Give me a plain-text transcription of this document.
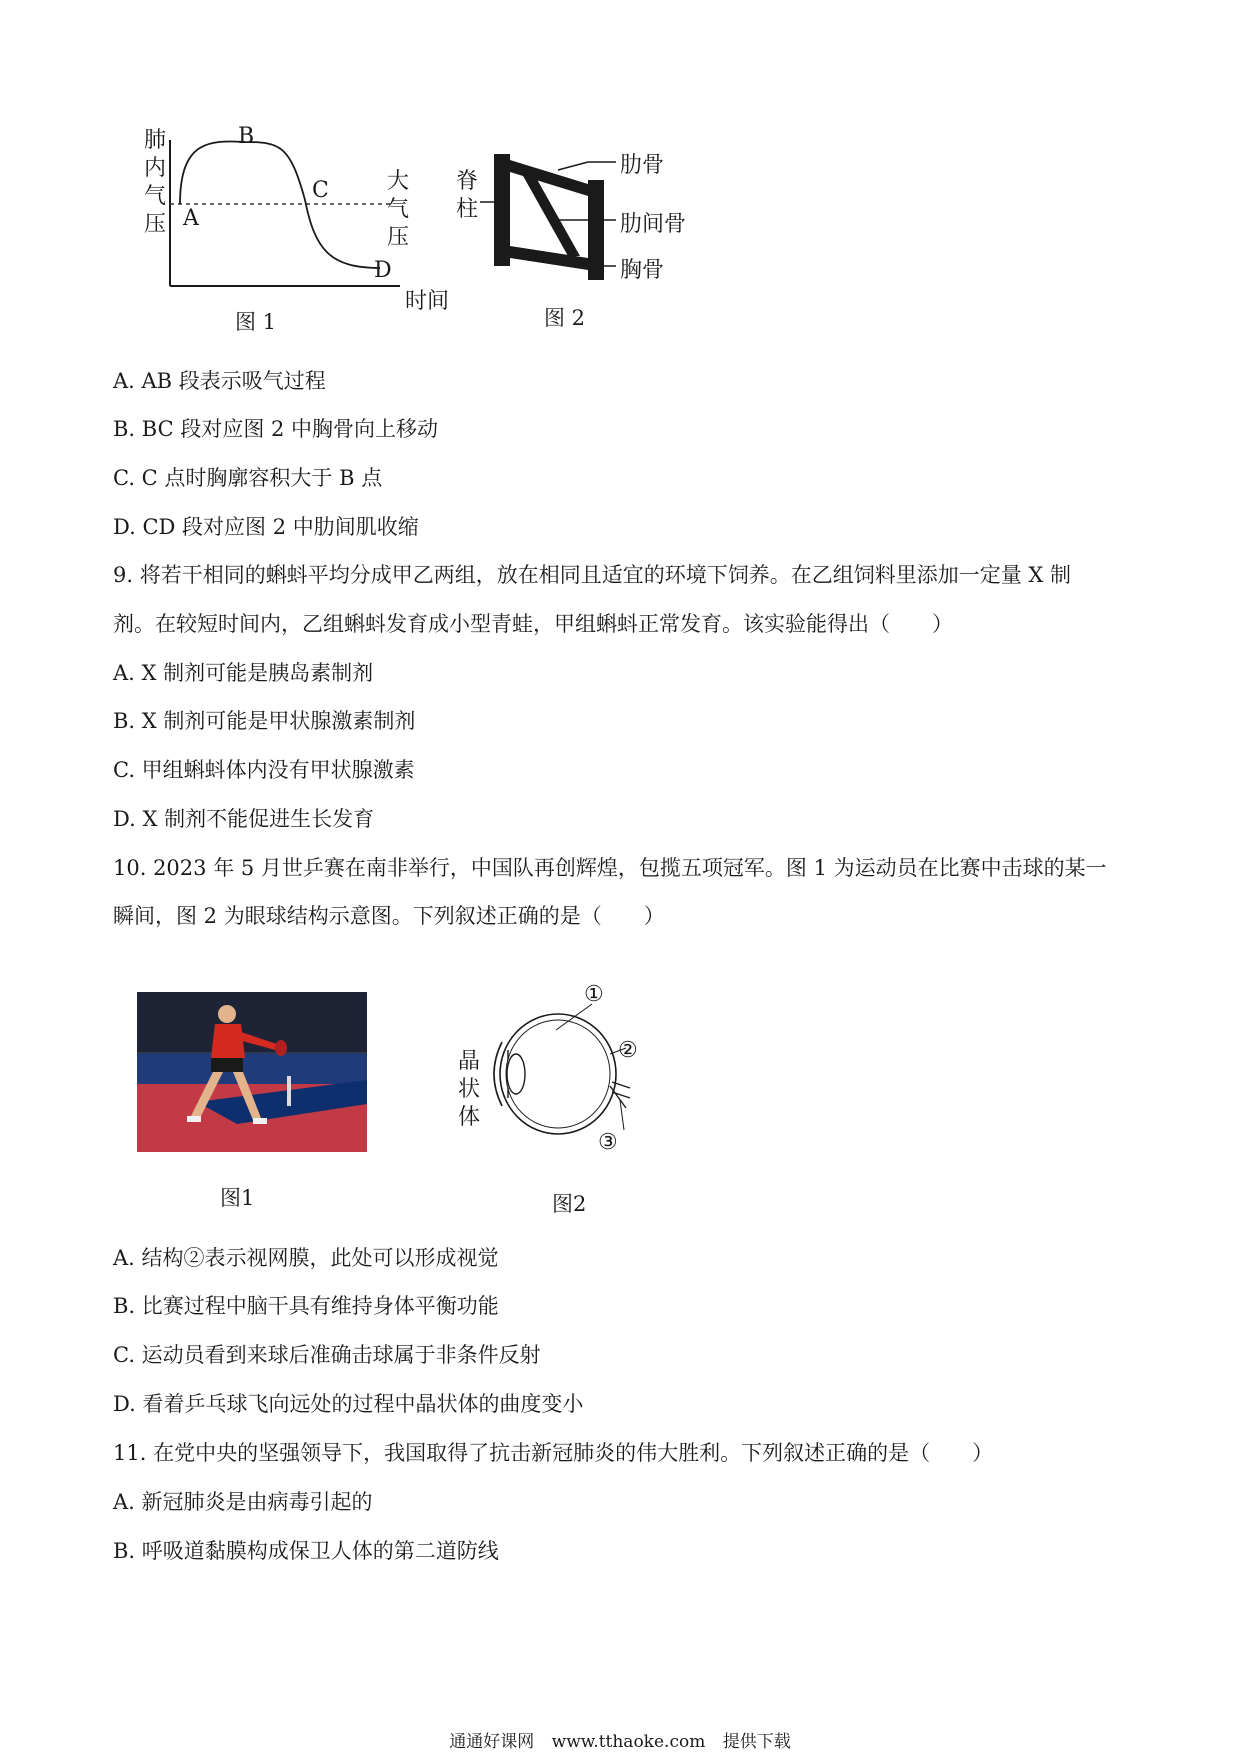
肺内气压 A
B
C
D
大气压
时间
图 1
脊柱
肋骨
肋间骨
胸骨
图 2
A. AB 段表示吸气过程
B. BC 段对应图 2 中胸骨向上移动
C. C 点时胸廓容积大于 B 点
D. CD 段对应图 2 中肋间肌收缩
9. 将若干相同的蝌蚪平均分成甲乙两组，放在相同且适宜的环境下饲养。在乙组饲料里添加一定量 X 制
剂。在较短时间内，乙组蝌蚪发育成小型青蛙，甲组蝌蚪正常发育。该实验能得出（　　）
A. X 制剂可能是胰岛素制剂
B. X 制剂可能是甲状腺激素制剂
C. 甲组蝌蚪体内没有甲状腺激素
D. X 制剂不能促进生长发育
10. 2023 年 5 月世乒赛在南非举行，中国队再创辉煌，包揽五项冠军。图 1 为运动员在比赛中击球的某一
瞬间，图 2 为眼球结构示意图。下列叙述正确的是（　　）
图1
①
②
③
晶状体
图2
A. 结构②表示视网膜，此处可以形成视觉
B. 比赛过程中脑干具有维持身体平衡功能
C. 运动员看到来球后准确击球属于非条件反射
D. 看着乒乓球飞向远处的过程中晶状体的曲度变小
11. 在党中央的坚强领导下，我国取得了抗击新冠肺炎的伟大胜利。下列叙述正确的是（　　）
A. 新冠肺炎是由病毒引起的
B. 呼吸道黏膜构成保卫人体的第二道防线
通通好课网 www.tthaoke.com 提供下载
